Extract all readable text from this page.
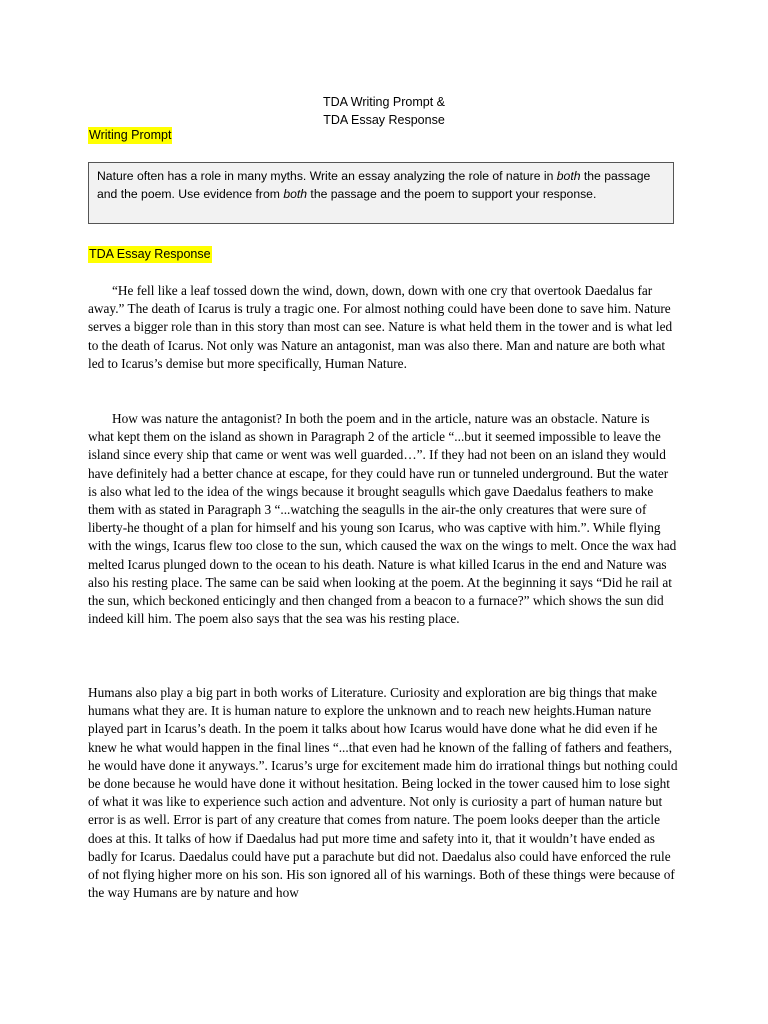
TDA Writing Prompt &
TDA Essay Response
Writing Prompt
Nature often has a role in many myths. Write an essay analyzing the role of nature in both the passage and the poem. Use evidence from both the passage and the poem to support your response.
TDA Essay Response

“He fell like a leaf tossed down the wind, down, down, down with one cry that overtook Daedalus far away.” The death of Icarus is truly a tragic one. For almost nothing could have been done to save him. Nature serves a bigger role than in this story than most can see. Nature is what held them in the tower and is what led to the death of Icarus. Not only was Nature an antagonist, man was also there. Man and nature are both what led to Icarus’s demise but more specifically, Human Nature.

How was nature the antagonist? In both the poem and in the article, nature was an obstacle. Nature is what kept them on the island as shown in Paragraph 2 of the article “...but it seemed impossible to leave the island since every ship that came or went was well guarded…”. If they had not been on an island they would have definitely had a better chance at escape, for they could have run or tunneled underground. But the water is also what led to the idea of the wings because it brought seagulls which gave Daedalus feathers to make them with as stated in Paragraph 3 “...watching the seagulls in the air-the only creatures that were sure of liberty-he thought of a plan for himself and his young son Icarus, who was captive with him.”. While flying with the wings, Icarus flew too close to the sun, which caused the wax on the wings to melt. Once the wax had melted Icarus plunged down to the ocean to his death. Nature is what killed Icarus in the end and Nature was also his resting place. The same can be said when looking at the poem. At the beginning it says “Did he rail at the sun, which beckoned enticingly and then changed from a beacon to a furnace?” which shows the sun did indeed kill him. The poem also says that the sea was his resting place.

Humans also play a big part in both works of Literature. Curiosity and exploration are big things that make humans what they are. It is human nature to explore the unknown and to reach new heights.Human nature played part in Icarus’s death. In the poem it talks about how Icarus would have done what he did even if he knew he what would happen in the final lines “...that even had he known of the falling of fathers and feathers, he would have done it anyways.”. Icarus’s urge for excitement made him do irrational things but nothing could be done because he would have done it without hesitation. Being locked in the tower caused him to lose sight of what it was like to experience such action and adventure. Not only is curiosity a part of human nature but error is as well. Error is part of any creature that comes from nature. The poem looks deeper than the article does at this. It talks of how if Daedalus had put more time and safety into it, that it wouldn’t have ended as badly for Icarus. Daedalus could have put a parachute but did not. Daedalus also could have enforced the rule of not flying higher more on his son. His son ignored all of his warnings. Both of these things were because of the way Humans are by nature and how
